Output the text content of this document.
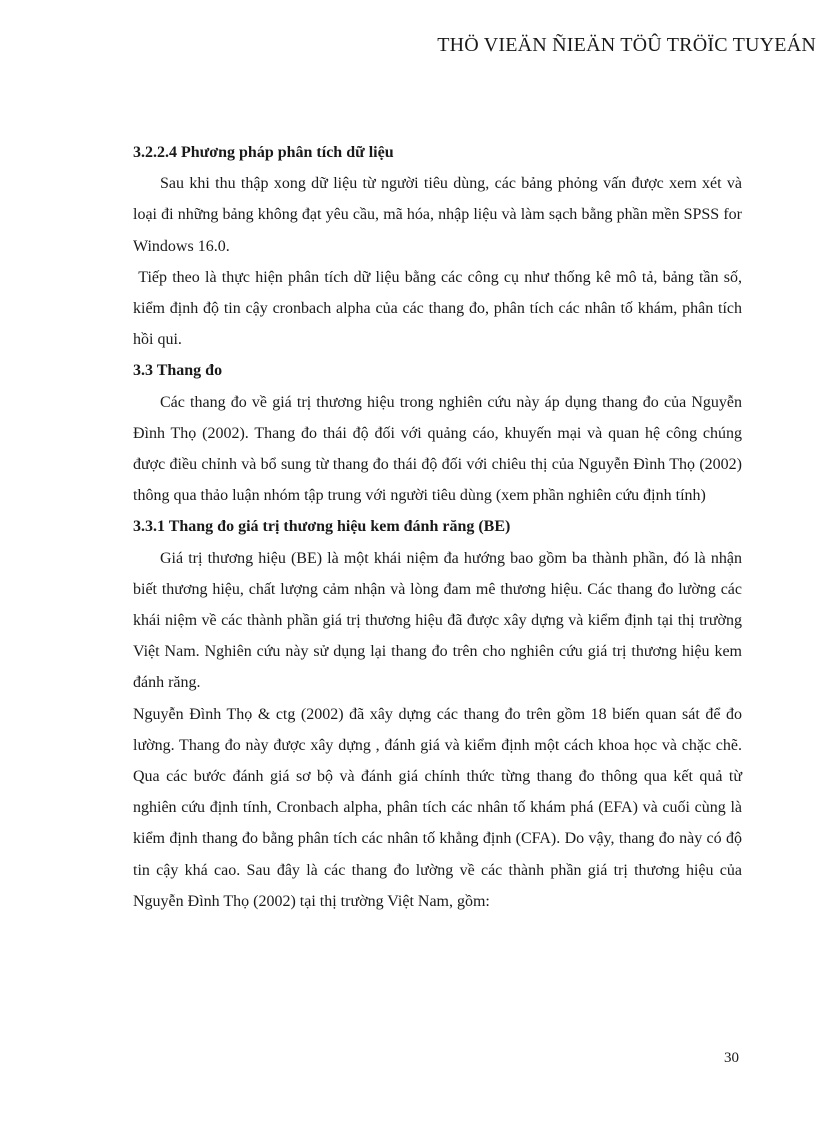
THÖ VIEÄN ÑIEÄN TÖÛ TRÖÏC TUYEÁN
3.2.2.4 Phương pháp phân tích dữ liệu

Sau khi thu thập xong dữ liệu từ người tiêu dùng, các bảng phỏng vấn được xem xét và loại đi những bảng không đạt yêu cầu, mã hóa, nhập liệu và làm sạch bằng phần mền SPSS for Windows 16.0.

Tiếp theo là thực hiện phân tích dữ liệu bằng các công cụ như thống kê mô tả, bảng tần số, kiểm định độ tin cậy cronbach alpha của các thang đo, phân tích các nhân tố khám, phân tích hồi qui.

3.3 Thang đo

Các thang đo về giá trị thương hiệu trong nghiên cứu này áp dụng thang đo của Nguyễn Đình Thọ (2002). Thang đo thái độ đối với quảng cáo, khuyến mại và quan hệ công chúng được điều chỉnh và bổ sung từ thang đo thái độ đối với chiêu thị của Nguyễn Đình Thọ (2002) thông qua thảo luận nhóm tập trung với người tiêu dùng (xem phần nghiên cứu định tính)

3.3.1 Thang đo giá trị thương hiệu kem đánh răng (BE)

Giá trị thương hiệu (BE) là một khái niệm đa hướng bao gồm ba thành phần, đó là nhận biết thương hiệu, chất lượng cảm nhận và lòng đam mê thương hiệu. Các thang đo lường các khái niệm về các thành phần giá trị thương hiệu đã được xây dựng và kiểm định tại thị trường Việt Nam. Nghiên cứu này sử dụng lại thang đo trên cho nghiên cứu giá trị thương hiệu kem đánh răng.

Nguyễn Đình Thọ & ctg (2002) đã xây dựng các thang đo trên gồm 18 biến quan sát để đo lường. Thang đo này được xây dựng , đánh giá và kiểm định một cách khoa học và chặc chẽ. Qua các bước đánh giá sơ bộ và đánh giá chính thức từng thang đo thông qua kết quả từ nghiên cứu định tính, Cronbach alpha, phân tích các nhân tố khám phá (EFA) và cuối cùng là kiểm định thang đo bằng phân tích các nhân tố khẳng định (CFA). Do vậy, thang đo này có độ tin cậy khá cao. Sau đây là các thang đo lường về các thành phần giá trị thương hiệu của Nguyễn Đình Thọ (2002) tại thị trường Việt Nam, gồm:

30
